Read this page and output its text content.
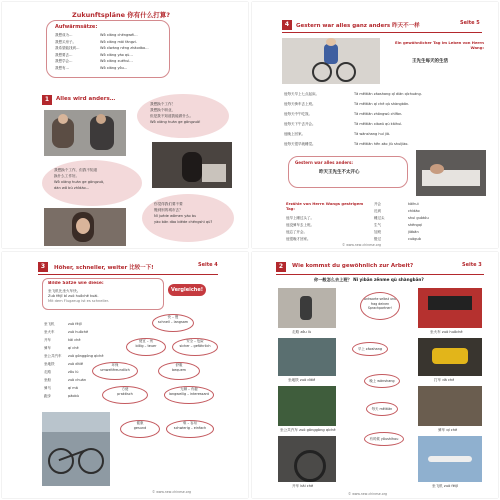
Zukunftspläne 你有什么打算?
Aufwärmsätze:
我想成为…	Wǒ xiǎng chéngwéi…
我想买房子。	Wǒ xiǎng mǎi fángzi.
我希望能找到…	Wǒ xīwàng néng zhǎodào…
我想要去…	Wǒ xiǎng yào qù…
我想学会…	Wǒ xiǎng xuéhuì…
我想有…	Wǒ xiǎng yǒu…
1	Alles wird anders…
我想换个工作！
我想换个职业，
但是我不知道我能做什么。
Wǒ xiǎng huàn ge gōngzuò!
我想换个工作，但我不知道
换什么工作好。
Wǒ xiǎng huàn ge gōngzuò,
dàn wǒ bù zhīdào…
你觉得我们要不要
搬到别的城市去？
Nǐ juéde wǒmen yào bu
yào bān dào biéde chéngshì qù?
4	Gestern war alles ganz anders 昨天不一样	Seite 5
Ein gewöhnlicher Tag im Leben von Herrn Wang:
王先生每天的生活
他每天早上七点起床。	Tā měitiān zǎoshang qī diǎn qǐchuáng.
他每天骑车去上班。	Tā měitiān qí chē qù shàngbān.
他每天中午吃饭。	Tā měitiān zhōngwǔ chīfàn.
他每天下午去开会。	Tā měitiān xiàwǔ qù kāihuì.
他晚上回家。	Tā wǎnshang huí jiā.
他每天很早就睡觉。	Tā měitiān hěn zǎo jiù shuìjiào.
Gestern war alles anders:
昨天王先生不太开心
Erzähle von Herrn Wangs gestrigem Tag:
他早上睡过头了。
他没骑车去上班。
他忘了开会。
他很晚才回家。
开会	kāihuì
迟到	chídào
睡过头	shuì guòtóu
生气	shēngqì
加班	jiābān
错过	cuòguò
© www.new-chinese.org
3	Höher, schneller, weiter 比较一下!	Seite 4
Bilde Sätze wie diese:
坐飞机比坐火车快。
Zuò fēijī bǐ zuò huǒchē kuài.
Mit dem Flugzeug ist es schneller.
Vergleiche!
快 – 慢
schnell – langsam
便宜 – 贵
billig – teuer
安全 – 危险
sicher – gefährlich
环保
umweltfreundlich
舒服
bequem
方便
praktisch
无聊 – 有趣
langweilig – interessant
健康
gesund
难 – 容易
schwierig – einfach
坐飞机	zuò fēijī
坐火车	zuò huǒchē
开车	kāi chē
骑车	qí chē
坐公共汽车 zuò gōnggòng qìchē
坐地铁	zuò dìtiě
走路	zǒu lù
坐船	zuò chuán
骑马	qí mǎ
跑步	pǎobù
© www.new-chinese.org
2	Wie kommst du gewöhnlich zur Arbeit?	Seite 3
你一般怎么去上班？ Nǐ yìbān zěnme qù shàngbān?
走路 zǒu lù
Antworte selbst und frag deinen Sprachpartner!
坐火车 zuò huǒchē
坐地铁 zuò dìtiě	打车 dǎ chē
坐公共汽车 zuò gōnggòng qìchē	骑车 qí chē
早上 zǎoshang
晚上 wǎnshang
每天 měitiān
有时候 yǒushíhou
开车 kāi chē	坐飞机 zuò fēijī
© www.new-chinese.org
